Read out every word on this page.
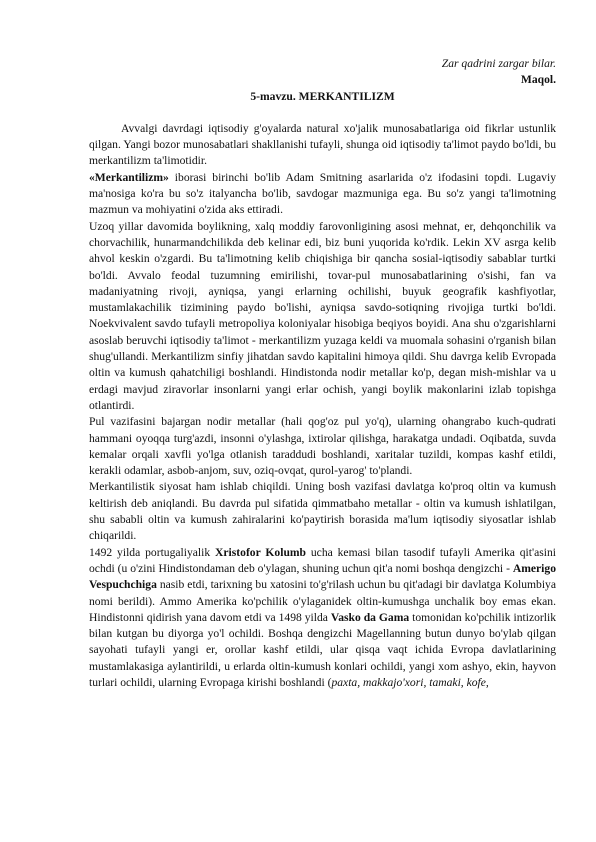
Zar qadrini zargar bilar.

Maqol.

5-mavzu. MERKANTILIZM

Avvalgi davrdagi iqtisodiy g'oyalarda natural xo'jalik munosabatlariga oid fikrlar ustunlik qilgan. Yangi bozor munosabatlari shakllanishi tufayli, shunga oid iqtisodiy ta'limot paydo bo'ldi, bu merkantilizm ta'limotidir.

«Merkantilizm» iborasi birinchi bo'lib Adam Smitning asarlarida o'z ifodasini topdi. Lugaviy ma'nosiga ko'ra bu so'z italyancha bo'lib, savdogar mazmuniga ega. Bu so'z yangi ta'limotning mazmun va mohiyatini o'zida aks ettiradi.

Uzoq yillar davomida boylikning, xalq moddiy farovonligining asosi mehnat, er, dehqonchilik va chorvachilik, hunarmandchilikda deb kelinar edi, biz buni yuqorida ko'rdik. Lekin XV asrga kelib ahvol keskin o'zgardi. Bu ta'limotning kelib chiqishiga bir qancha sosial-iqtisodiy sabablar turtki bo'ldi. Avvalo feodal tuzumning emirilishi, tovar-pul munosabatlarining o'sishi, fan va madaniyatning rivoji, ayniqsa, yangi erlarning ochilishi, buyuk geografik kashfiyotlar, mustamlakachilik tizimining paydo bo'lishi, ayniqsa savdo-sotiqning rivojiga turtki bo'ldi. Noekvivalent savdo tufayli metropoliya koloniyalar hisobiga beqiyos boyidi. Ana shu o'zgarishlarni asoslab beruvchi iqtisodiy ta'limot - merkantilizm yuzaga keldi va muomala sohasini o'rganish bilan shug'ullandi. Merkantilizm sinfiy jihatdan savdo kapitalini himoya qildi. Shu davrga kelib Evropada oltin va kumush qahatchiligi boshlandi. Hindistonda nodir metallar ko'p, degan mish-mishlar va u erdagi mavjud ziravorlar insonlarni yangi erlar ochish, yangi boylik makonlarini izlab topishga otlantirdi.

Pul vazifasini bajargan nodir metallar (hali qog'oz pul yo'q), ularning ohangrabo kuch-qudrati hammani oyoqqa turg'azdi, insonni o'ylashga, ixtirolar qilishga, harakatga undadi. Oqibatda, suvda kemalar orqali xavfli yo'lga otlanish taraddudi boshlandi, xaritalar tuzildi, kompas kashf etildi, kerakli odamlar, asbob-anjom, suv, oziq-ovqat, qurol-yarog' to'plandi.

Merkantilistik siyosat ham ishlab chiqildi. Uning bosh vazifasi davlatga ko'proq oltin va kumush keltirish deb aniqlandi. Bu davrda pul sifatida qimmatbaho metallar - oltin va kumush ishlatilgan, shu sababli oltin va kumush zahiralarini ko'paytirish borasida ma'lum iqtisodiy siyosatlar ishlab chiqarildi.

1492 yilda portugaliyalik Xristofor Kolumb ucha kemasi bilan tasodif tufayli Amerika qit'asini ochdi (u o'zini Hindistondaman deb o'ylagan, shuning uchun qit'a nomi boshqa dengizchi - Amerigo Vespuchchiga nasib etdi, tarixning bu xatosini to'g'rilash uchun bu qit'adagi bir davlatga Kolumbiya nomi berildi). Ammo Amerika ko'pchilik o'ylaganidek oltin-kumushga unchalik boy emas ekan. Hindistonni qidirish yana davom etdi va 1498 yilda Vasko da Gama tomonidan ko'pchilik intizorlik bilan kutgan bu diyorga yo'l ochildi. Boshqa dengizchi Magellanning butun dunyo bo'ylab qilgan sayohati tufayli yangi er, orollar kashf etildi, ular qisqa vaqt ichida Evropa davlatlarining mustamlakasiga aylantirildi, u erlarda oltin-kumush konlari ochildi, yangi xom ashyo, ekin, hayvon turlari ochildi, ularning Evropaga kirishi boshlandi (paxta, makkajo'xori, tamaki, kofe,
